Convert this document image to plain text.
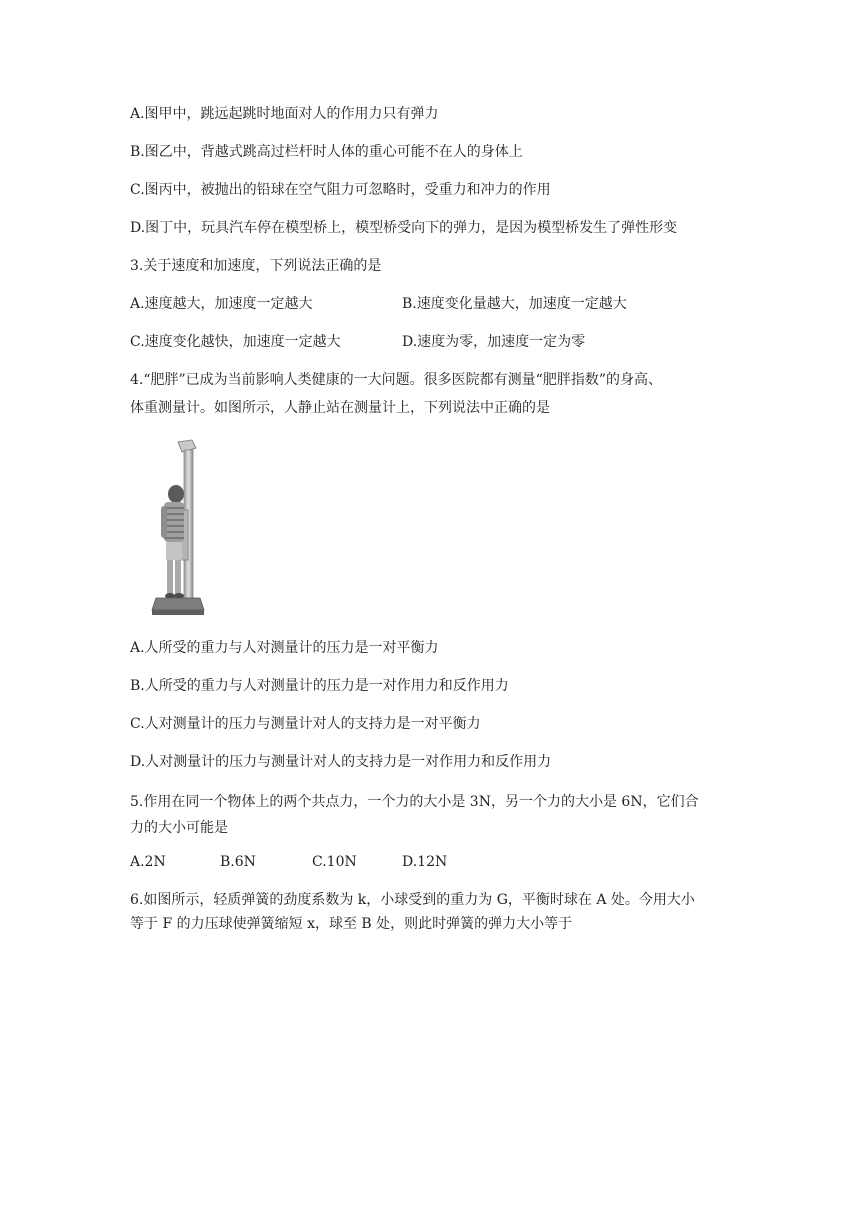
A.图甲中，跳远起跳时地面对人的作用力只有弹力
B.图乙中，背越式跳高过栏杆时人体的重心可能不在人的身体上
C.图丙中，被抛出的铅球在空气阻力可忽略时，受重力和冲力的作用
D.图丁中，玩具汽车停在模型桥上，模型桥受向下的弹力，是因为模型桥发生了弹性形变
3.关于速度和加速度，下列说法正确的是
A.速度越大，加速度一定越大	B.速度变化量越大，加速度一定越大
C.速度变化越快，加速度一定越大	D.速度为零，加速度一定为零
4.“肥胖”已成为当前影响人类健康的一大问题。很多医院都有测量“肥胖指数”的身高、
体重测量计。如图所示，人静止站在测量计上，下列说法中正确的是
A.人所受的重力与人对测量计的压力是一对平衡力
B.人所受的重力与人对测量计的压力是一对作用力和反作用力
C.人对测量计的压力与测量计对人的支持力是一对平衡力
D.人对测量计的压力与测量计对人的支持力是一对作用力和反作用力
5.作用在同一个物体上的两个共点力，一个力的大小是 3N，另一个力的大小是 6N，它们合
力的大小可能是
A.2N	B.6N	C.10N	D.12N
6.如图所示，轻质弹簧的劲度系数为 k，小球受到的重力为 G，平衡时球在 A 处。今用大小
等于 F 的力压球使弹簧缩短 x，球至 B 处，则此时弹簧的弹力大小等于
